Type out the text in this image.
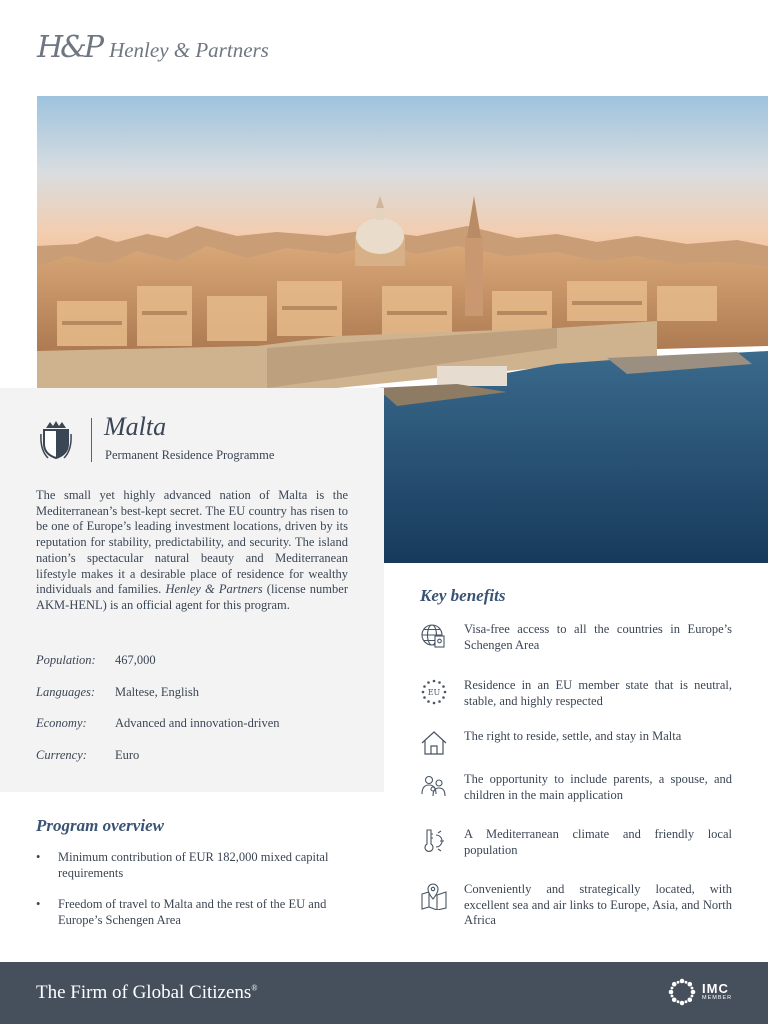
H&P Henley & Partners
Malta
Permanent Residence Programme

The small yet highly advanced nation of Malta is the Mediterranean’s best-kept secret. The EU country has risen to be one of Europe’s leading investment locations, driven by its reputation for stability, predictability, and security. The island nation’s spectacular natural beauty and Mediterranean lifestyle makes it a desirable place of residence for wealthy individuals and families. Henley & Partners (license number AKM-HENL) is an official agent for this program.

Population:	467,000
Languages:	Maltese, English
Economy:	Advanced and innovation-driven
Currency:	Euro
Program overview
• Minimum contribution of EUR 182,000 mixed capital requirements
• Freedom of travel to Malta and the rest of the EU and Europe’s Schengen Area
Key benefits
Visa-free access to all the countries in Europe’s Schengen Area
EU
Residence in an EU member state that is neutral, stable, and highly respected
The right to reside, settle, and stay in Malta
The opportunity to include parents, a spouse, and children in the main application
A Mediterranean climate and friendly local population
Conveniently and strategically located, with excellent sea and air links to Europe, Asia, and North Africa
The Firm of Global Citizens®	IMC
MEMBER
